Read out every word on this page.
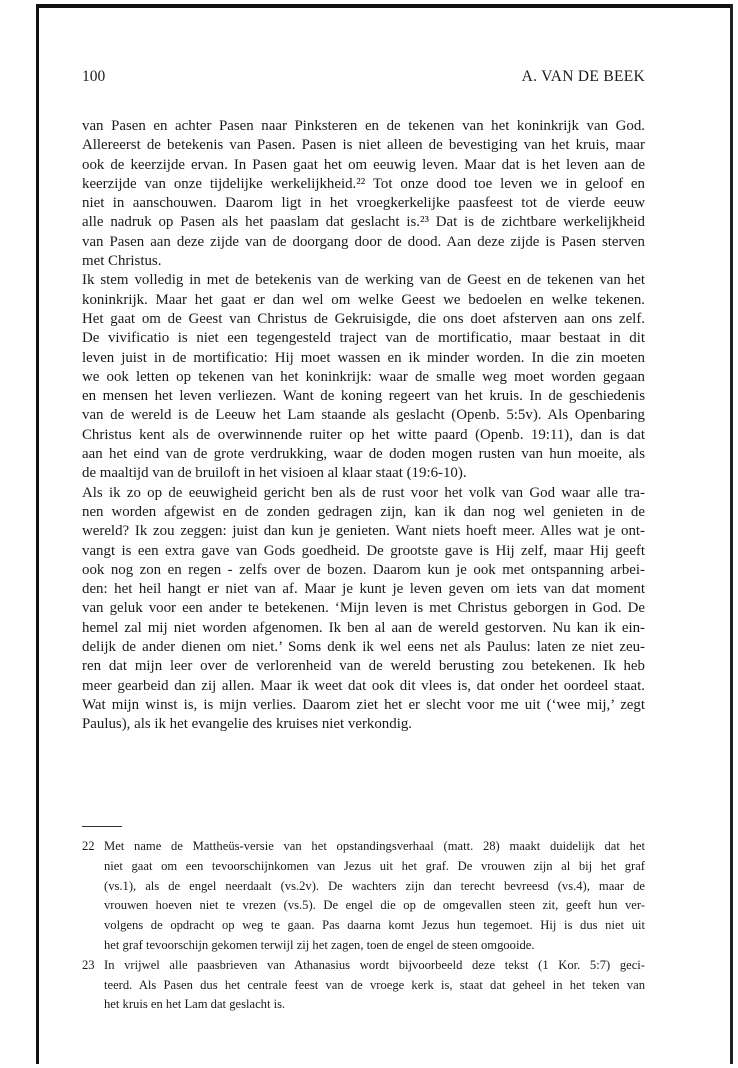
100	A. VAN DE BEEK
van Pasen en achter Pasen naar Pinksteren en de tekenen van het koninkrijk van God.
Allereerst de betekenis van Pasen. Pasen is niet alleen de bevestiging van het kruis, maar
ook de keerzijde ervan. In Pasen gaat het om eeuwig leven. Maar dat is het leven aan de
keerzijde van onze tijdelijke werkelijkheid.²² Tot onze dood toe leven we in geloof en
niet in aanschouwen. Daarom ligt in het vroegkerkelijke paasfeest tot de vierde eeuw
alle nadruk op Pasen als het paaslam dat geslacht is.²³ Dat is de zichtbare werkelijkheid
van Pasen aan deze zijde van de doorgang door de dood. Aan deze zijde is Pasen sterven
met Christus.
Ik stem volledig in met de betekenis van de werking van de Geest en de tekenen van het
koninkrijk. Maar het gaat er dan wel om welke Geest we bedoelen en welke tekenen.
Het gaat om de Geest van Christus de Gekruisigde, die ons doet afsterven aan ons zelf.
De vivificatio is niet een tegengesteld traject van de mortificatio, maar bestaat in dit
leven juist in de mortificatio: Hij moet wassen en ik minder worden. In die zin moeten
we ook letten op tekenen van het koninkrijk: waar de smalle weg moet worden gegaan
en mensen het leven verliezen. Want de koning regeert van het kruis. In de geschiedenis
van de wereld is de Leeuw het Lam staande als geslacht (Openb. 5:5v). Als Openbaring
Christus kent als de overwinnende ruiter op het witte paard (Openb. 19:11), dan is dat
aan het eind van de grote verdrukking, waar de doden mogen rusten van hun moeite, als
de maaltijd van de bruiloft in het visioen al klaar staat (19:6-10).
Als ik zo op de eeuwigheid gericht ben als de rust voor het volk van God waar alle tra-
nen worden afgewist en de zonden gedragen zijn, kan ik dan nog wel genieten in de
wereld? Ik zou zeggen: juist dan kun je genieten. Want niets hoeft meer. Alles wat je ont-
vangt is een extra gave van Gods goedheid. De grootste gave is Hij zelf, maar Hij geeft
ook nog zon en regen - zelfs over de bozen. Daarom kun je ook met ontspanning arbei-
den: het heil hangt er niet van af. Maar je kunt je leven geven om iets van dat moment
van geluk voor een ander te betekenen. ‘Mijn leven is met Christus geborgen in God. De
hemel zal mij niet worden afgenomen. Ik ben al aan de wereld gestorven. Nu kan ik ein-
delijk de ander dienen om niet.’ Soms denk ik wel eens net als Paulus: laten ze niet zeu-
ren dat mijn leer over de verlorenheid van de wereld berusting zou betekenen. Ik heb
meer gearbeid dan zij allen. Maar ik weet dat ook dit vlees is, dat onder het oordeel staat.
Wat mijn winst is, is mijn verlies. Daarom ziet het er slecht voor me uit (‘wee mij,’ zegt
Paulus), als ik het evangelie des kruises niet verkondig.
22 Met name de Mattheüs-versie van het opstandingsverhaal (matt. 28) maakt duidelijk dat het
niet gaat om een tevoorschijnkomen van Jezus uit het graf. De vrouwen zijn al bij het graf
(vs.1), als de engel neerdaalt (vs.2v). De wachters zijn dan terecht bevreesd (vs.4), maar de
vrouwen hoeven niet te vrezen (vs.5). De engel die op de omgevallen steen zit, geeft hun ver-
volgens de opdracht op weg te gaan. Pas daarna komt Jezus hun tegemoet. Hij is dus niet uit
het graf tevoorschijn gekomen terwijl zij het zagen, toen de engel de steen omgooide.
23 In vrijwel alle paasbrieven van Athanasius wordt bijvoorbeeld deze tekst (1 Kor. 5:7) geci-
teerd. Als Pasen dus het centrale feest van de vroege kerk is, staat dat geheel in het teken van
het kruis en het Lam dat geslacht is.
